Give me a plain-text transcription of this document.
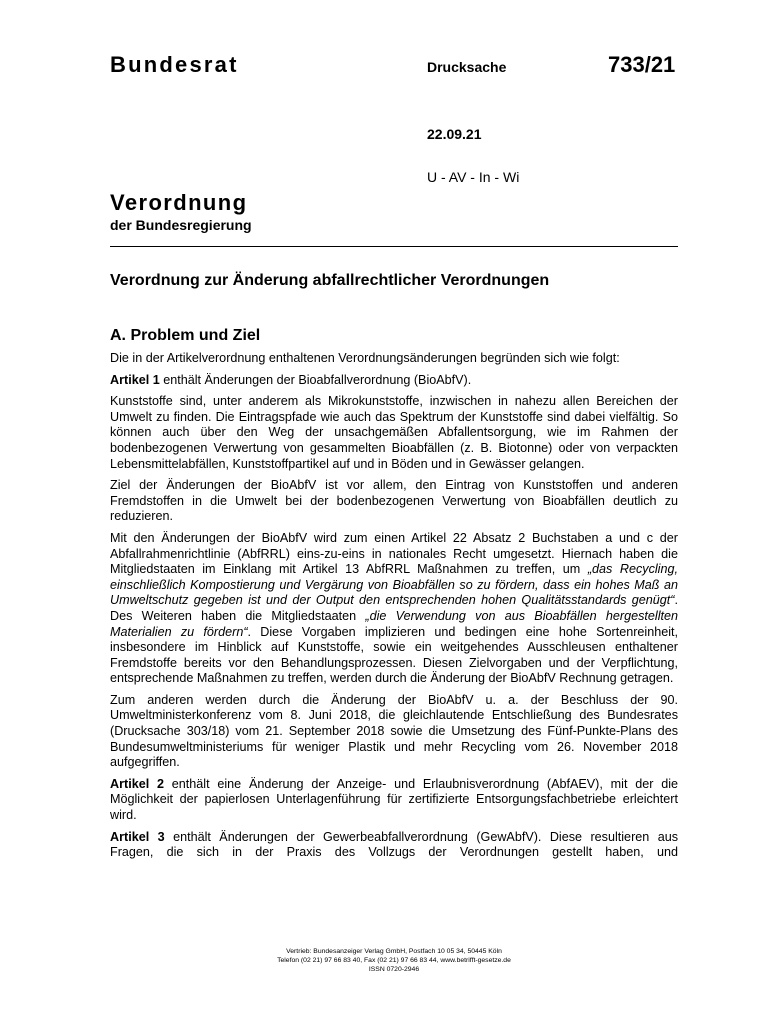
Bundesrat	Drucksache	733/21
22.09.21
U - AV - In - Wi
Verordnung
der Bundesregierung
Verordnung zur Änderung abfallrechtlicher Verordnungen
A. Problem und Ziel

Die in der Artikelverordnung enthaltenen Verordnungsänderungen begründen sich wie folgt:

Artikel 1 enthält Änderungen der Bioabfallverordnung (BioAbfV).

Kunststoffe sind, unter anderem als Mikrokunststoffe, inzwischen in nahezu allen Bereichen der Umwelt zu finden. Die Eintragspfade wie auch das Spektrum der Kunststoffe sind dabei vielfältig. So können auch über den Weg der unsachgemäßen Abfallentsorgung, wie im Rahmen der bodenbezogenen Verwertung von gesammelten Bioabfällen (z. B. Biotonne) oder von verpackten Lebensmittelabfällen, Kunststoffpartikel auf und in Böden und in Gewässer gelangen.

Ziel der Änderungen der BioAbfV ist vor allem, den Eintrag von Kunststoffen und anderen Fremdstoffen in die Umwelt bei der bodenbezogenen Verwertung von Bioabfällen deutlich zu reduzieren.

Mit den Änderungen der BioAbfV wird zum einen Artikel 22 Absatz 2 Buchstaben a und c der Abfallrahmenrichtlinie (AbfRRL) eins-zu-eins in nationales Recht umgesetzt. Hiernach haben die Mitgliedstaaten im Einklang mit Artikel 13 AbfRRL Maßnahmen zu treffen, um „das Recycling, einschließlich Kompostierung und Vergärung von Bioabfällen so zu fördern, dass ein hohes Maß an Umweltschutz gegeben ist und der Output den entsprechenden hohen Qualitätsstandards genügt“. Des Weiteren haben die Mitgliedstaaten „die Verwendung von aus Bioabfällen hergestellten Materialien zu fördern“. Diese Vorgaben implizieren und bedingen eine hohe Sortenreinheit, insbesondere im Hinblick auf Kunststoffe, sowie ein weitgehendes Ausschleusen enthaltener Fremdstoffe bereits vor den Behandlungsprozessen. Diesen Zielvorgaben und der Verpflichtung, entsprechende Maßnahmen zu treffen, werden durch die Änderung der BioAbfV Rechnung getragen.

Zum anderen werden durch die Änderung der BioAbfV u. a. der Beschluss der 90. Umweltministerkonferenz vom 8. Juni 2018, die gleichlautende Entschließung des Bundesrates (Drucksache 303/18) vom 21. September 2018 sowie die Umsetzung des Fünf-Punkte-Plans des Bundesumweltministeriums für weniger Plastik und mehr Recycling vom 26. November 2018 aufgegriffen.

Artikel 2 enthält eine Änderung der Anzeige- und Erlaubnisverordnung (AbfAEV), mit der die Möglichkeit der papierlosen Unterlagenführung für zertifizierte Entsorgungsfachbetriebe erleichtert wird.

Artikel 3 enthält Änderungen der Gewerbeabfallverordnung (GewAbfV). Diese resultieren aus Fragen, die sich in der Praxis des Vollzugs der Verordnungen gestellt haben, und

Vertrieb: Bundesanzeiger Verlag GmbH, Postfach 10 05 34, 50445 Köln
Telefon (02 21) 97 66 83 40, Fax (02 21) 97 66 83 44, www.betrifft-gesetze.de
ISSN 0720-2946
